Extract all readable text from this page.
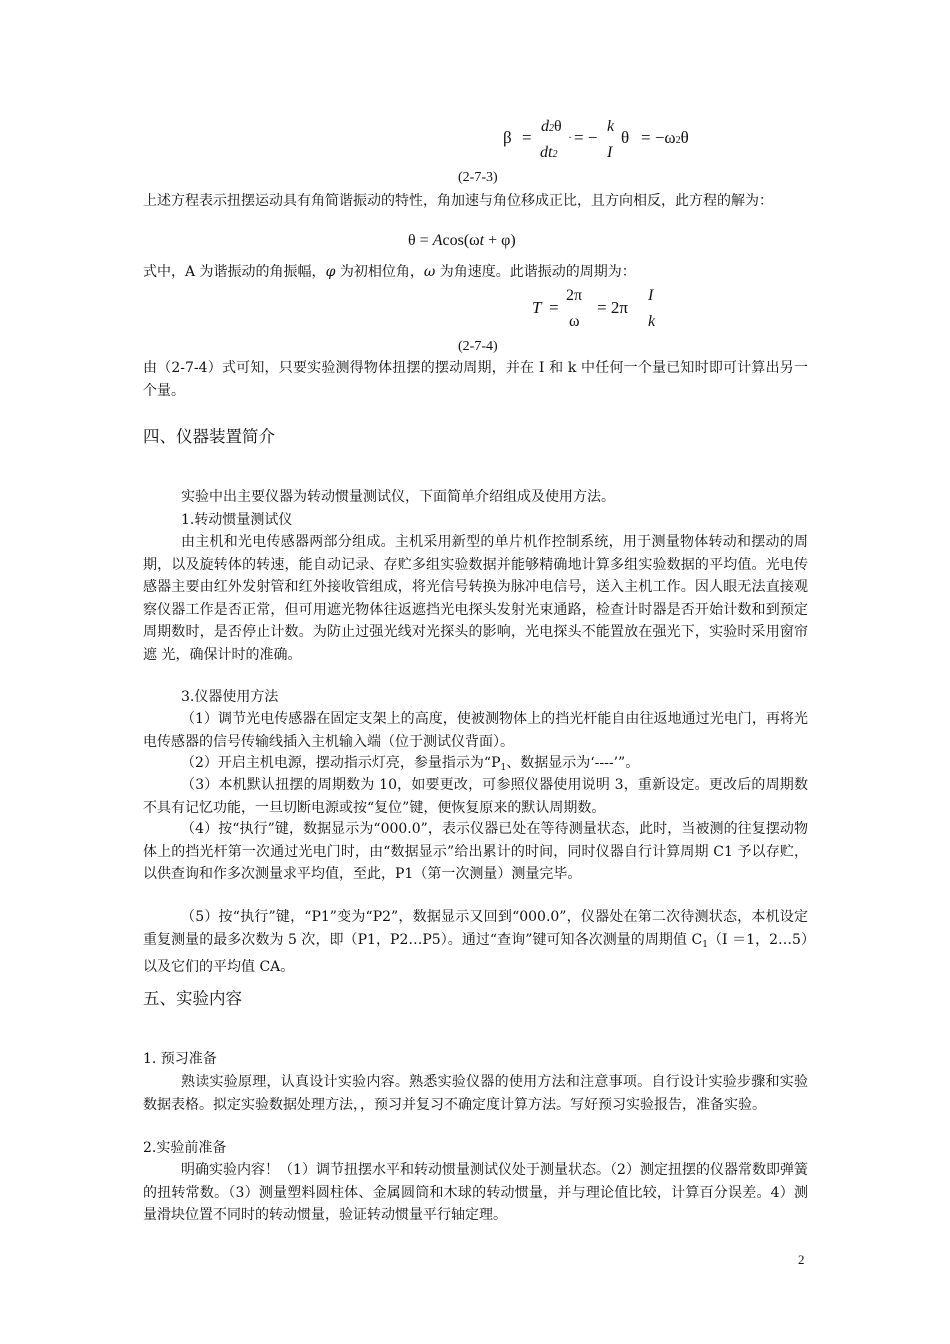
β =
d2θ
dt2
· = −
k
I
θ = −ω2θ
(2-7-3)

上述方程表示扭摆运动具有角简谐振动的特性，角加速与角位移成正比，且方向相反，此方程的解为：

θ = Acos(ωt + φ)

式中，A 为谐振动的角振幅，φ 为初相位角，ω 为角速度。此谐振动的周期为：

T =
2π
ω
= 2π
I
k
(2-7-4)

由（2-7-4）式可知，只要实验测得物体扭摆的摆动周期，并在 I 和 k 中任何一个量已知时即可计算出另一个量。

四、仪器装置简介

实验中出主要仪器为转动惯量测试仪，下面简单介绍组成及使用方法。

1.转动惯量测试仪

由主机和光电传感器两部分组成。主机采用新型的单片机作控制系统，用于测量物体转动和摆动的周期，以及旋转体的转速，能自动记录、存贮多组实验数据并能够精确地计算多组实验数据的平均值。光电传感器主要由红外发射管和红外接收管组成，将光信号转换为脉冲电信号，送入主机工作。因人眼无法直接观察仪器工作是否正常，但可用遮光物体往返遮挡光电探头发射光束通路，检查计时器是否开始计数和到预定周期数时，是否停止计数。为防止过强光线对光探头的影响，光电探头不能置放在强光下，实验时采用窗帘遮 光，确保计时的准确。

3.仪器使用方法

（1）调节光电传感器在固定支架上的高度，使被测物体上的挡光杆能自由往返地通过光电门，再将光电传感器的信号传输线插入主机输入端（位于测试仪背面）。

（2）开启主机电源，摆动指示灯亮，参量指示为“$P_1$、数据显示为‘----’”。

（3）本机默认扭摆的周期数为 10，如要更改，可参照仪器使用说明 3，重新设定。更改后的周期数不具有记忆功能，一旦切断电源或按“复位”键，便恢复原来的默认周期数。

（4）按“执行”键，数据显示为“000.0”，表示仪器已处在等待测量状态，此时，当被测的往复摆动物体上的挡光杆第一次通过光电门时，由“数据显示”给出累计的时间，同时仪器自行计算周期 C1 予以存贮，以供查询和作多次测量求平均值，至此，P1（第一次测量）测量完毕。

（5）按“执行”键，“P1”变为“P2”，数据显示又回到“000.0”，仪器处在第二次待测状态，本机设定重复测量的最多次数为 5 次，即（P1，P2…P5）。通过“查询”键可知各次测量的周期值 $C_1(I =1$，2…5）以及它们的平均值 CA。

五、实验内容

1. 预习准备

熟读实验原理，认真设计实验内容。熟悉实验仪器的使用方法和注意事项。自行设计实验步骤和实验数据表格。拟定实验数据处理方法，，预习并复习不确定度计算方法。写好预习实验报告，准备实验。

2.实验前准备

明确实验内容！（1）调节扭摆水平和转动惯量测试仪处于测量状态。（2）测定扭摆的仪器常数即弹簧的扭转常数。（3）测量塑料圆柱体、金属圆筒和木球的转动惯量，并与理论值比较，计算百分误差。4）测量滑块位置不同时的转动惯量，验证转动惯量平行轴定理。

2
